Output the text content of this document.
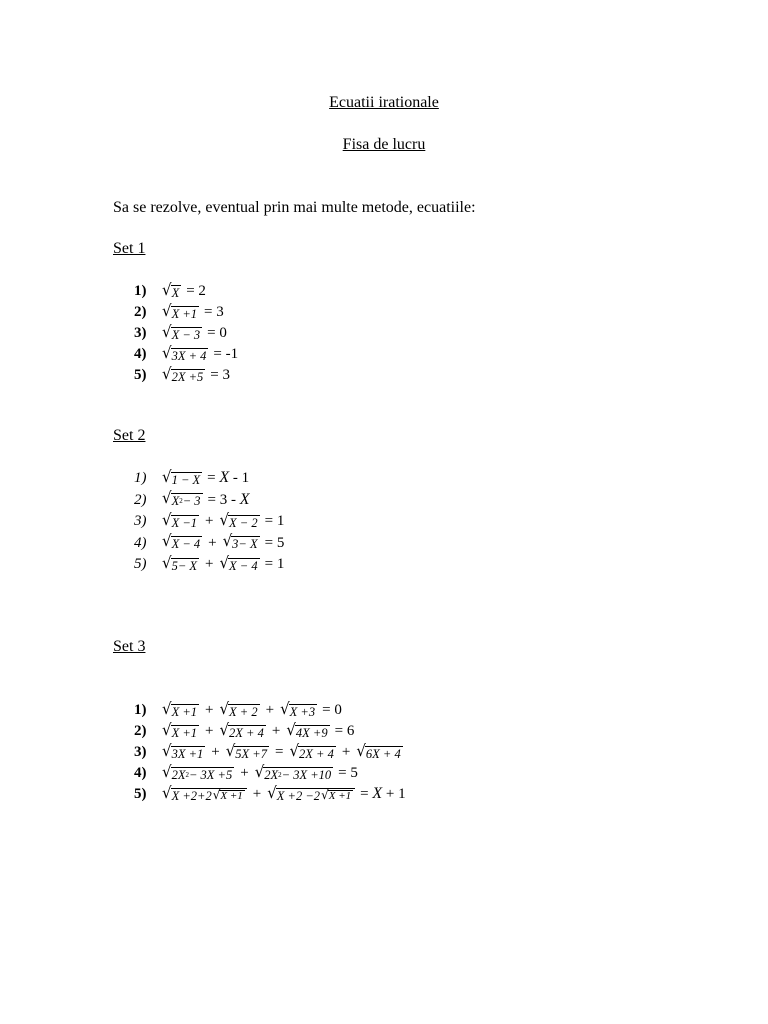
Ecuatii irationale
Fisa de lucru
Sa se rezolve, eventual prin mai multe metode, ecuatiile:
Set 1
1)	√ X = 2
2)	√ X +1 = 3
3)	√ X − 3 = 0
4)	√ 3X + 4 = -1
5)	√ 2X +5 = 3
Set 2
1)	√ 1 − X = X - 1
2)	√ X 2 − 3 = 3 - X
3)	√ X −1 + √ X − 2 = 1
4)	√ X − 4 + √ 3− X = 5
5)	√ 5− X + √ X − 4 = 1
Set 3
1)	√ X +1 + √ X + 2 + √ X +3 = 0
2)	√ X +1 + √ 2X + 4 + √ 4X +9 = 6
3)	√ 3X +1 + √ 5X +7 = √ 2X + 4 + √ 6X + 4
4)	√ 2X 2 − 3X +5 + √ 2X 2 − 3X +10 = 5
5)	√ X +2+2 √ X +1 + √ X +2 −2 √ X +1 = X + 1
